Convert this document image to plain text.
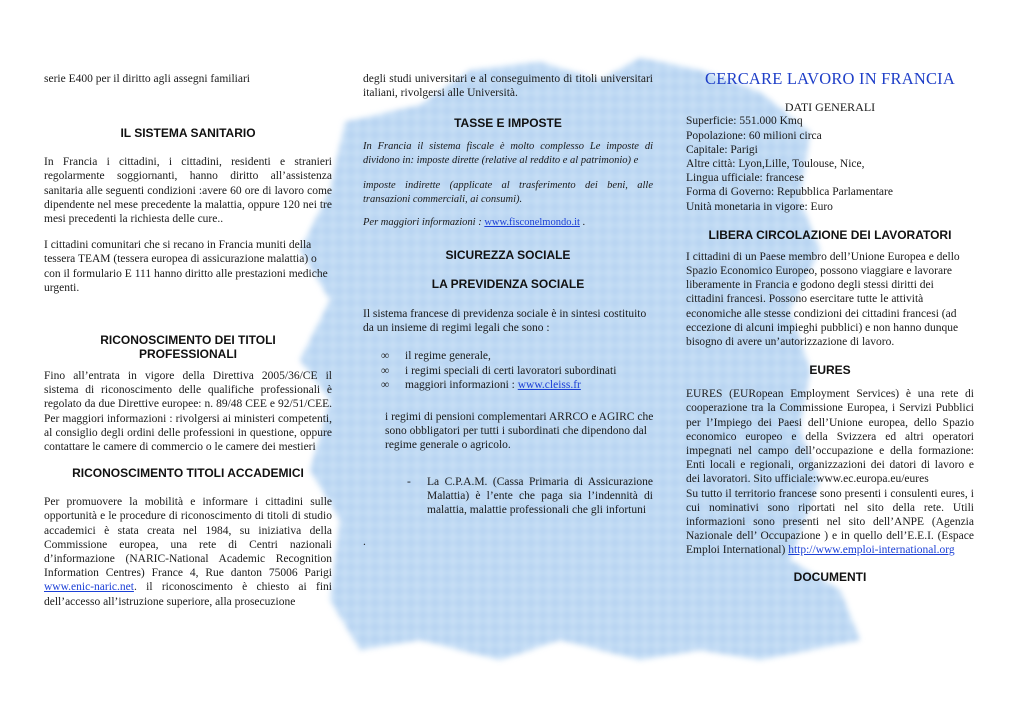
serie E400 per il diritto agli assegni familiari

IL SISTEMA SANITARIO

In Francia i cittadini, i cittadini, residenti e stranieri regolarmente soggiornanti, hanno diritto all’assistenza sanitaria alle seguenti condizioni :avere 60 ore di lavoro come dipendente nel mese precedente la malattia, oppure 120 nei tre mesi precedenti la richiesta delle cure..

I cittadini comunitari che si recano in Francia muniti della tessera TEAM (tessera europea di assicurazione malattia) o con il formulario E 111 hanno diritto alle prestazioni mediche urgenti.

RICONOSCIMENTO DEI TITOLI
PROFESSIONALI

Fino all’entrata in vigore della Direttiva 2005/36/CE il sistema di riconoscimento delle qualifiche professionali è regolato da due Direttive europee: n. 89/48 CEE e 92/51/CEE. Per maggiori informazioni : rivolgersi ai ministeri competenti, al consiglio degli ordini delle professioni in questione, oppure contattare le camere di commercio o le camere dei mestieri

RICONOSCIMENTO TITOLI ACCADEMICI

Per promuovere la mobilità e informare i cittadini sulle opportunità e le procedure di riconoscimento di titoli di studio accademici è stata creata nel 1984, su iniziativa della Commissione europea, una rete di Centri nazionali d’informazione (NARIC-National Academic Recognition Information Centres) France 4, Rue danton 75006 Parigi www.enic-naric.net. il riconoscimento è chiesto ai fini dell’accesso all’istruzione superiore, alla prosecuzione

degli studi universitari e al conseguimento di titoli universitari italiani, rivolgersi alle Università.

TASSE E IMPOSTE

In Francia il sistema fiscale è molto complesso Le imposte di dividono in: imposte dirette (relative al reddito e al patrimonio) e

imposte indirette (applicate al trasferimento dei beni, alle transazioni commerciali, ai consumi).

Per maggiori informazioni : www.fisconelmondo.it .

SICUREZZA SOCIALE
LA PREVIDENZA SOCIALE

Il sistema francese di previdenza sociale è in sintesi costituito da un insieme di regimi legali che sono :

∞ il regime generale,
∞ i regimi speciali di certi lavoratori subordinati
∞ maggiori informazioni : www.cleiss.fr

i regimi di pensioni complementari ARRCO e AGIRC che sono obbligatori per tutti i subordinati che dipendono dal regime generale o agricolo.

- La C.P.A.M. (Cassa Primaria di Assicurazione Malattia) è l’ente che paga sia l’indennità di malattia, malattie professionali che gli infortuni

.

CERCARE LAVORO IN FRANCIA

DATI GENERALI

Superficie: 551.000 Kmq

Popolazione: 60 milioni circa

Capitale: Parigi

Altre città: Lyon,Lille, Toulouse, Nice,

Lingua ufficiale: francese

Forma di Governo: Repubblica Parlamentare

Unità monetaria in vigore: Euro

LIBERA CIRCOLAZIONE DEI LAVORATORI

I cittadini di un Paese membro dell’Unione Europea e dello Spazio Economico Europeo, possono viaggiare e lavorare liberamente in Francia e godono degli stessi diritti dei cittadini francesi. Possono esercitare tutte le attività economiche alle stesse condizioni dei cittadini francesi (ad eccezione di alcuni impieghi pubblici) e non hanno dunque bisogno di avere un’autorizzazione di lavoro.

EURES

EURES (EURopean Employment Services) è una rete di cooperazione tra la Commissione Europea, i Servizi Pubblici per l’Impiego dei Paesi dell’Unione europea, dello Spazio economico europeo e della Svizzera ed altri operatori impegnati nel campo dell’occupazione e della formazione: Enti locali e regionali, organizzazioni dei datori di lavoro e dei lavoratori. Sito ufficiale:www.ec.europa.eu/eures

Su tutto il territorio francese sono presenti i consulenti eures, i cui nominativi sono riportati nel sito della rete. Utili informazioni sono presenti nel sito dell’ANPE (Agenzia Nazionale dell’ Occupazione ) e in quello dell’E.E.I. (Espace Emploi International) http://www.emploi-international.org

DOCUMENTI
